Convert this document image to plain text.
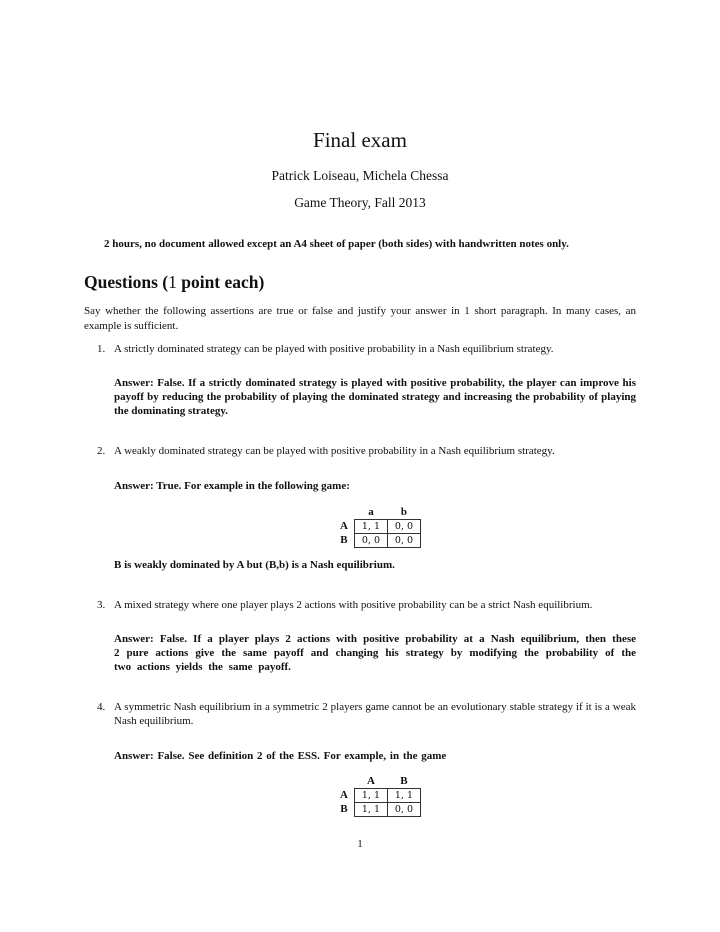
Final exam
Patrick Loiseau, Michela Chessa
Game Theory, Fall 2013
2 hours, no document allowed except an A4 sheet of paper (both sides) with handwritten notes only.
Questions (1 point each)
Say whether the following assertions are true or false and justify your answer in 1 short paragraph. In many cases, an example is sufficient.
1. A strictly dominated strategy can be played with positive probability in a Nash equilibrium strategy.
Answer: False. If a strictly dominated strategy is played with positive probability, the player can improve his payoff by reducing the probability of playing the dominated strategy and increasing the probability of playing the dominating strategy.
2. A weakly dominated strategy can be played with positive probability in a Nash equilibrium strategy.
Answer: True. For example in the following game:
	a	b
A	1, 1	0, 0
B	0, 0	0, 0
B is weakly dominated by A but (B,b) is a Nash equilibrium.
3. A mixed strategy where one player plays 2 actions with positive probability can be a strict Nash equilibrium.
Answer: False. If a player plays 2 actions with positive probability at a Nash equilibrium, then these 2 pure actions give the same payoff and changing his strategy by modifying the probability of the two actions yields the same payoff.
4. A symmetric Nash equilibrium in a symmetric 2 players game cannot be an evolutionary stable strategy if it is a weak Nash equilibrium.
Answer: False. See definition 2 of the ESS. For example, in the game
	A	B
A	1, 1	1, 1
B	1, 1	0, 0
1
